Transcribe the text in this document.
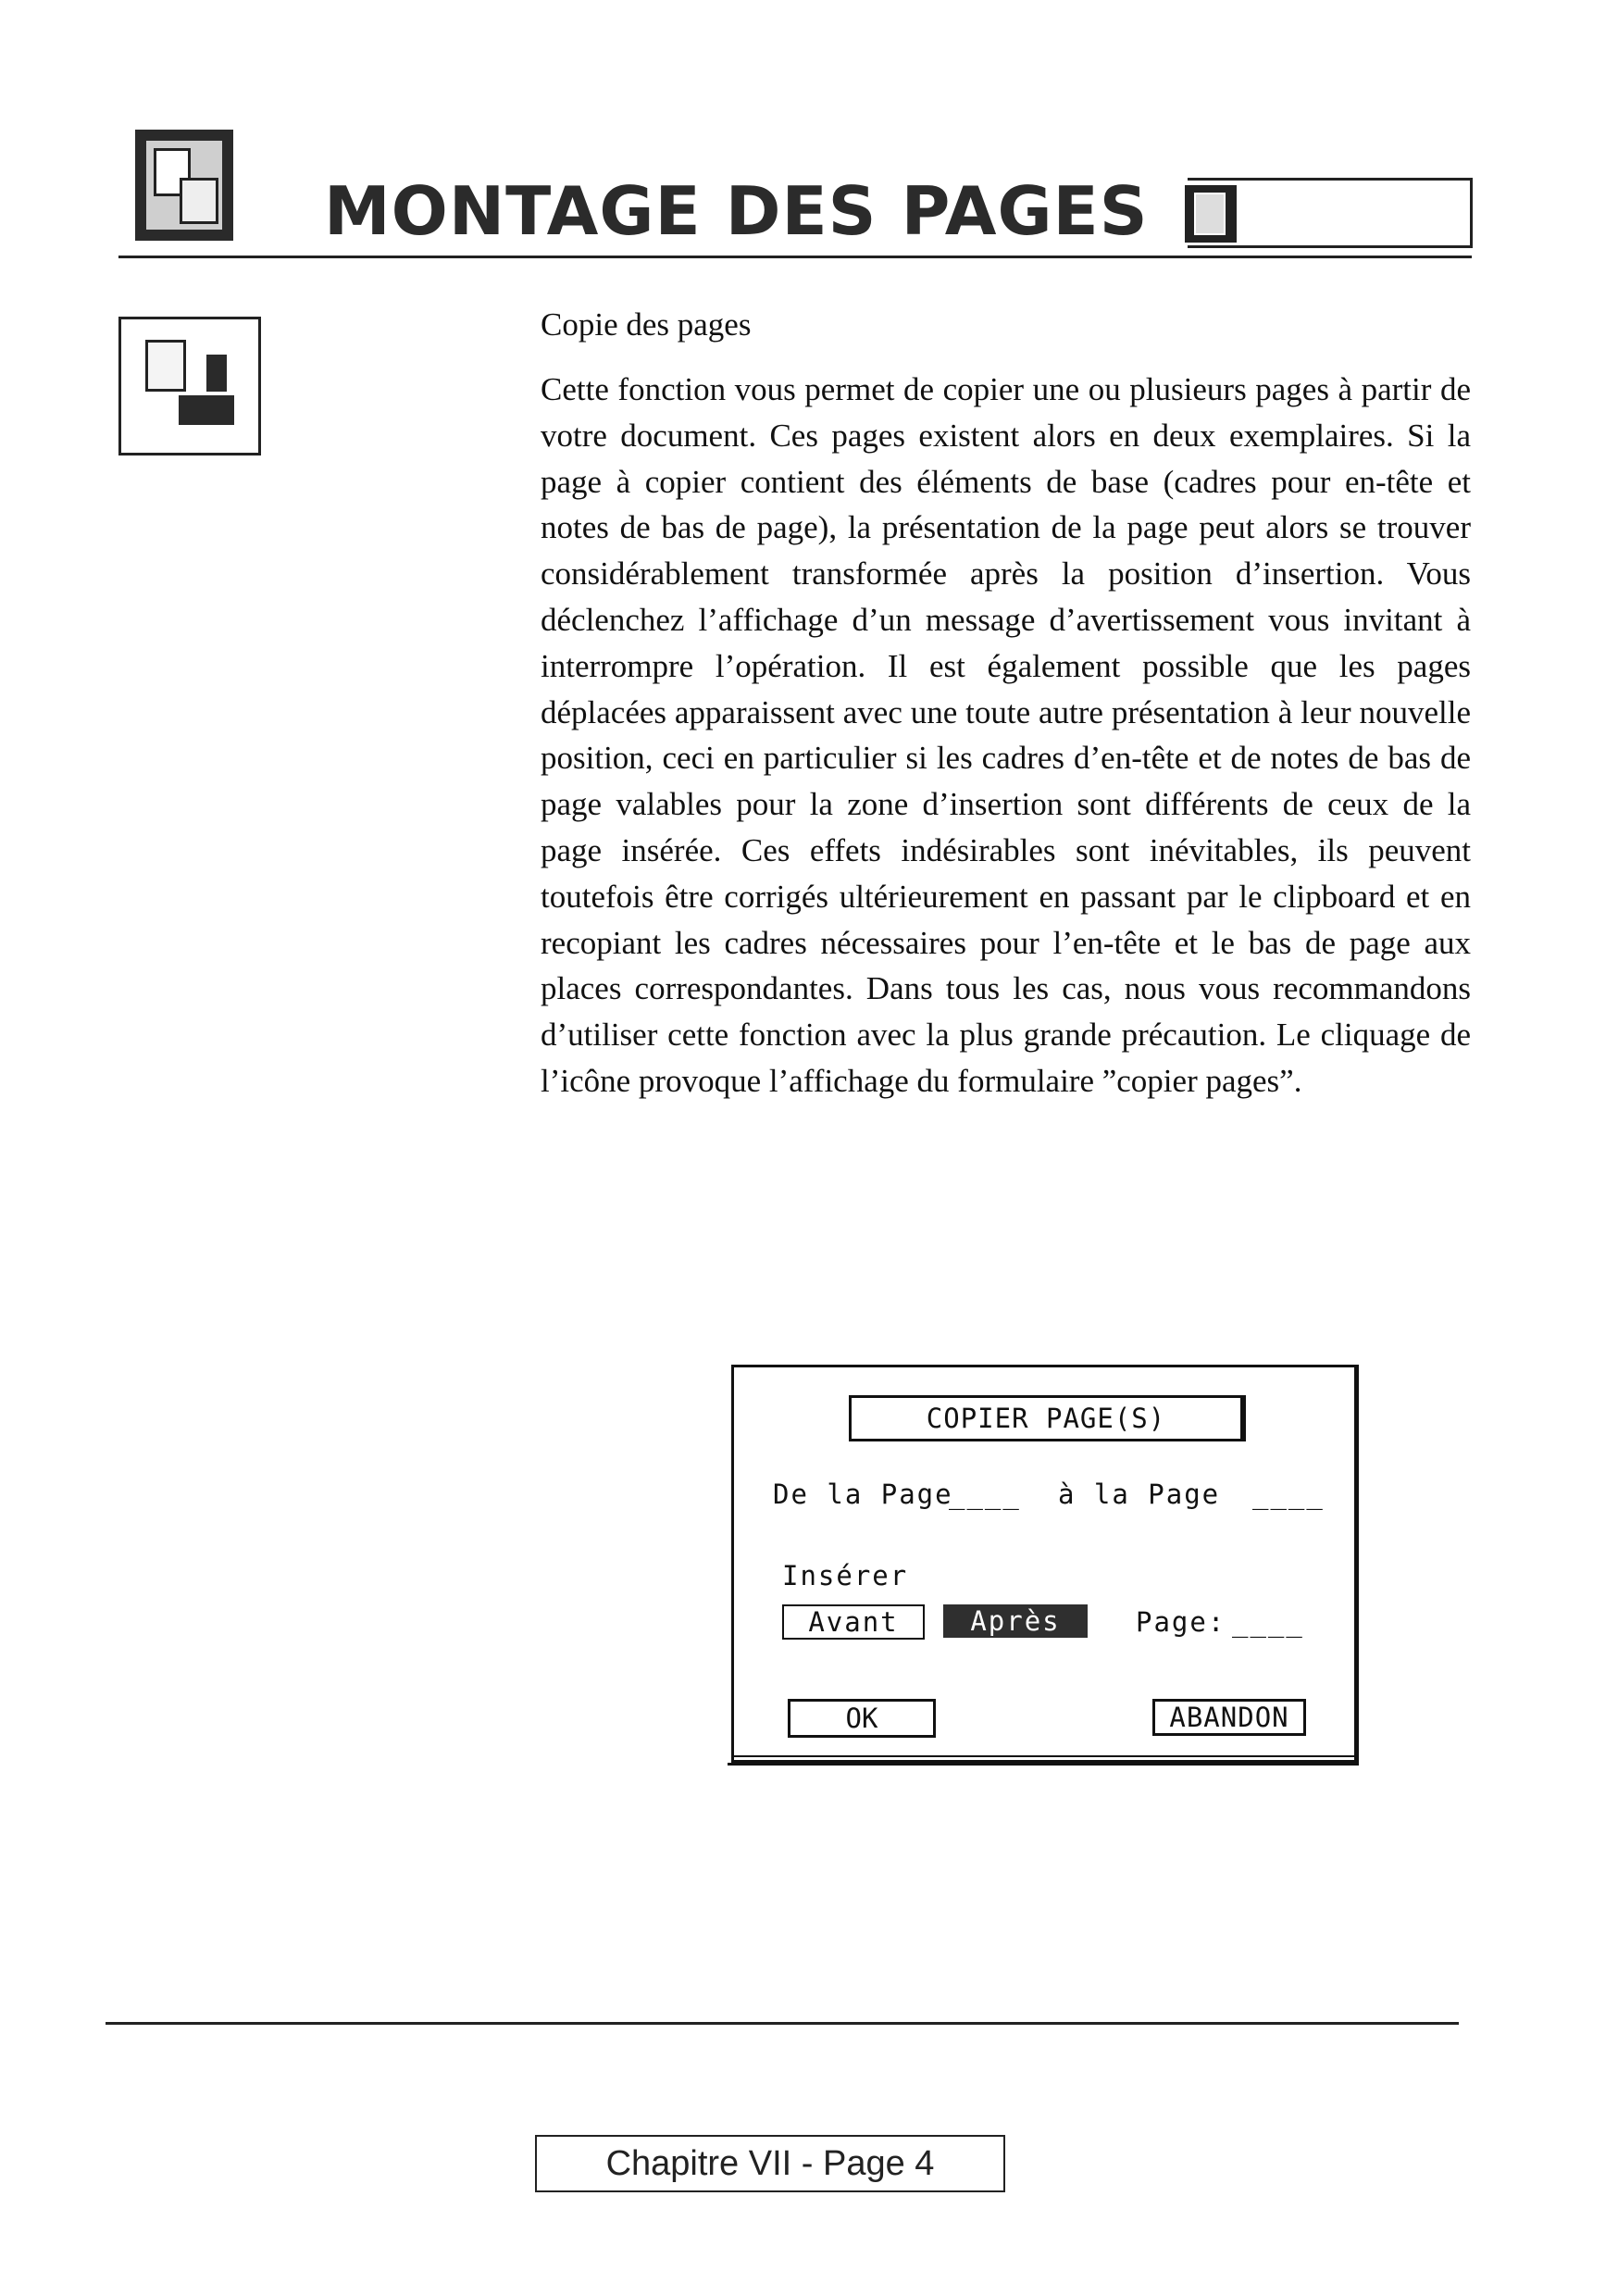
MONTAGE DES PAGES
Copie des pages

Cette fonction vous permet de copier une ou plusieurs pages à partir de votre document. Ces pages existent alors en deux exemplaires. Si la page à copier contient des éléments de base (cadres pour en-tête et notes de bas de page), la présentation de la page peut alors se trouver considérablement transformée après la position d’insertion. Vous déclenchez l’affichage d’un message d’avertissement vous invitant à interrompre l’opération. Il est également possible que les pages déplacées apparaissent avec une toute autre présentation à leur nouvelle position, ceci en particulier si les cadres d’en-tête et de notes de bas de page valables pour la zone d’insertion sont différents de ceux de la page insérée. Ces effets indésirables sont inévitables, ils peuvent toutefois être corrigés ultérieurement en passant par le clipboard et en recopiant les cadres nécessaires pour l’en-tête et le bas de page aux places correspondantes. Dans tous les cas, nous vous recommandons d’utiliser cette fonction avec la plus grande précaution. Le cliquage de l’icône provoque l’affichage du formulaire ”copier pages”.

COPIER PAGE(S)
De la Page
____ à la Page ____
Insérer
Avant	Après	Page: ____
OK	ABANDON
Chapitre VII - Page 4
